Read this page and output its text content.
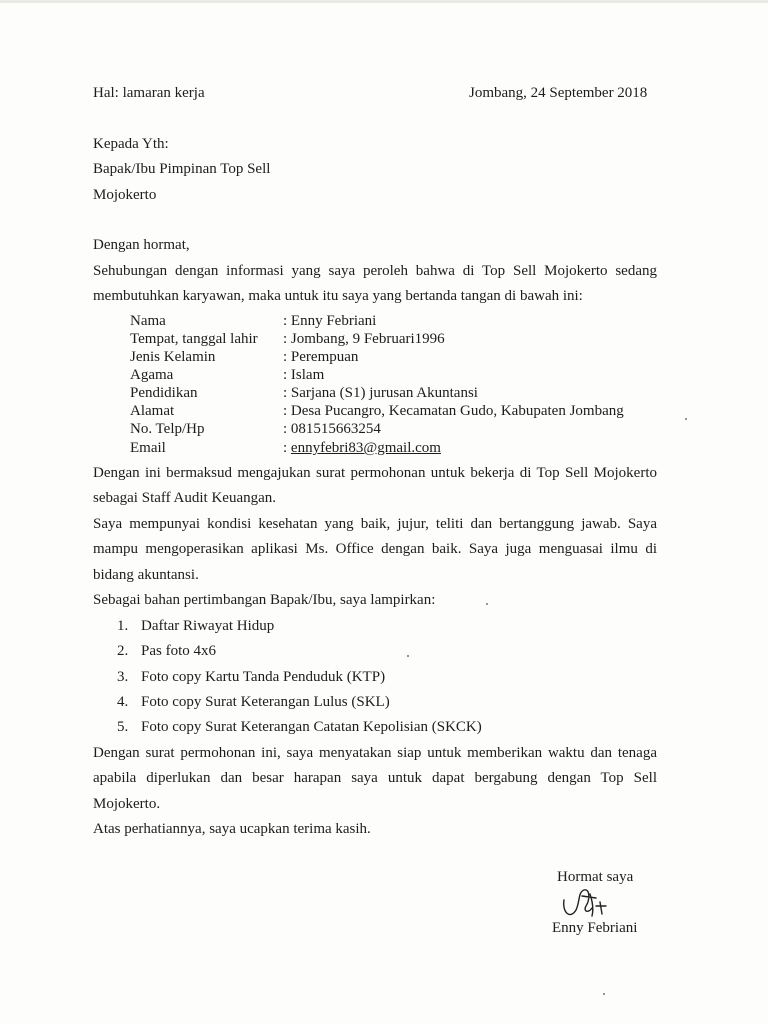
Hal: lamaran kerja	Jombang, 24 September 2018
Kepada Yth:
Bapak/Ibu Pimpinan Top Sell
Mojokerto
Dengan hormat,
Sehubungan dengan informasi yang saya peroleh bahwa di Top Sell Mojokerto sedang
membutuhkan karyawan, maka untuk itu saya yang bertanda tangan di bawah ini:
Nama	: Enny Febriani
Tempat, tanggal lahir : Jombang, 9 Februari1996
Jenis Kelamin	: Perempuan
Agama	: Islam
Pendidikan	: Sarjana (S1) jurusan Akuntansi
Alamat	: Desa Pucangro, Kecamatan Gudo, Kabupaten Jombang
No. Telp/Hp	: 081515663254
Email	: ennyfebri83@gmail.com
Dengan ini bermaksud mengajukan surat permohonan untuk bekerja di Top Sell Mojokerto
sebagai Staff Audit Keuangan.
Saya mempunyai kondisi kesehatan yang baik, jujur, teliti dan bertanggung jawab. Saya
mampu mengoperasikan aplikasi Ms. Office dengan baik. Saya juga menguasai ilmu di
bidang akuntansi.
Sebagai bahan pertimbangan Bapak/Ibu, saya lampirkan:
1. Daftar Riwayat Hidup
2. Pas foto 4x6
3. Foto copy Kartu Tanda Penduduk (KTP)
4. Foto copy Surat Keterangan Lulus (SKL)
5. Foto copy Surat Keterangan Catatan Kepolisian (SKCK)
Dengan surat permohonan ini, saya menyatakan siap untuk memberikan waktu dan tenaga
apabila diperlukan dan besar harapan saya untuk dapat bergabung dengan Top Sell
Mojokerto.
Atas perhatiannya, saya ucapkan terima kasih.
Hormat saya
Enny Febriani
